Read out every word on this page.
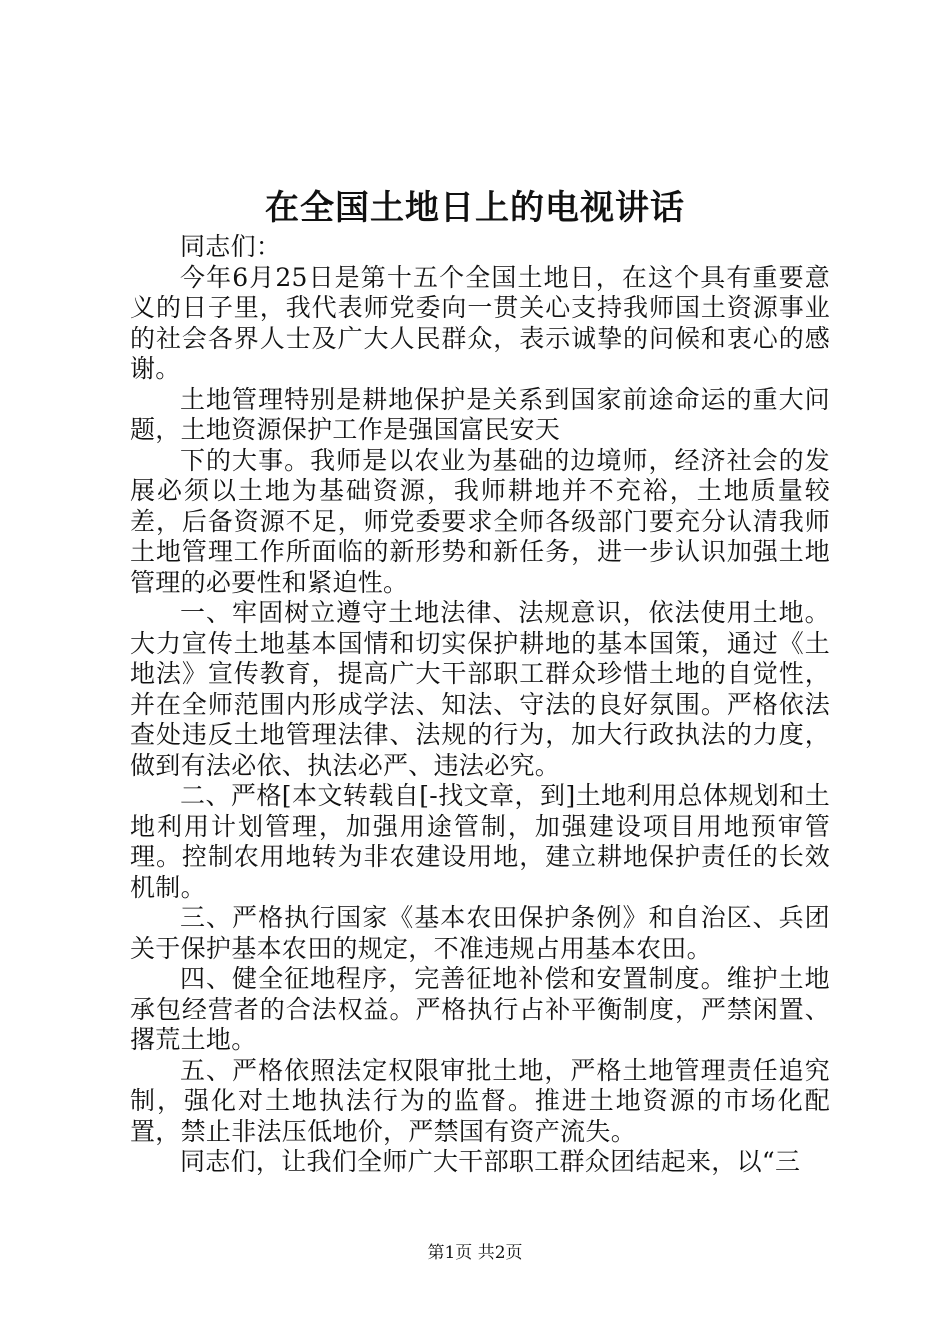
在全国土地日上的电视讲话

同志们：

今年6月25日是第十五个全国土地日，在这个具有重要意义的日子里，我代表师党委向一贯关心支持我师国土资源事业的社会各界人士及广大人民群众，表示诚挚的问候和衷心的感谢。

土地管理特别是耕地保护是关系到国家前途命运的重大问题，土地资源保护工作是强国富民安天

下的大事。我师是以农业为基础的边境师，经济社会的发展必须以土地为基础资源，我师耕地并不充裕，土地质量较差，后备资源不足，师党委要求全师各级部门要充分认清我师土地管理工作所面临的新形势和新任务，进一步认识加强土地管理的必要性和紧迫性。

一、牢固树立遵守土地法律、法规意识，依法使用土地。大力宣传土地基本国情和切实保护耕地的基本国策，通过《土地法》宣传教育，提高广大干部职工群众珍惜土地的自觉性，并在全师范围内形成学法、知法、守法的良好氛围。严格依法查处违反土地管理法律、法规的行为，加大行政执法的力度，做到有法必依、执法必严、违法必究。

二、严格[本文转载自[-找文章，到]土地利用总体规划和土地利用计划管理，加强用途管制，加强建设项目用地预审管理。控制农用地转为非农建设用地，建立耕地保护责任的长效机制。

三、严格执行国家《基本农田保护条例》和自治区、兵团关于保护基本农田的规定，不准违规占用基本农田。

四、健全征地程序，完善征地补偿和安置制度。维护土地承包经营者的合法权益。严格执行占补平衡制度，严禁闲置、撂荒土地。

五、严格依照法定权限审批土地，严格土地管理责任追究制，强化对土地执法行为的监督。推进土地资源的市场化配置，禁止非法压低地价，严禁国有资产流失。

同志们，让我们全师广大干部职工群众团结起来，以“三

第1页 共2页
